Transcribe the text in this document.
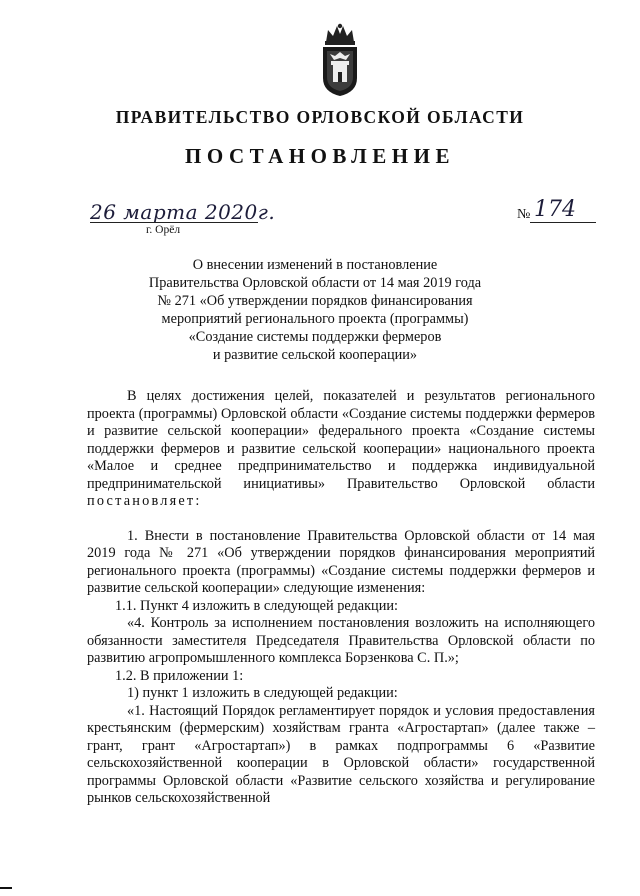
ПРАВИТЕЛЬСТВО ОРЛОВСКОЙ ОБЛАСТИ
ПОСТАНОВЛЕНИЕ
26 марта 2020г.
г. Орёл
№ 174
О внесении изменений в постановление
Правительства Орловской области от 14 мая 2019 года
№ 271 «Об утверждении порядков финансирования
мероприятий регионального проекта (программы)
«Создание системы поддержки фермеров
и развитие сельской кооперации»

В целях достижения целей, показателей и результатов регионального проекта (программы) Орловской области «Создание системы поддержки фермеров и развитие сельской кооперации» федерального проекта «Создание системы поддержки фермеров и развитие сельской кооперации» национального проекта «Малое и среднее предпринимательство и поддержка индивидуальной предпринимательской инициативы» Правительство Орловской области постановляет:

1. Внести в постановление Правительства Орловской области от 14 мая 2019 года № 271 «Об утверждении порядков финансирования мероприятий регионального проекта (программы) «Создание системы поддержки фермеров и развитие сельской кооперации» следующие изменения:

1.1. Пункт 4 изложить в следующей редакции:

«4. Контроль за исполнением постановления возложить на исполняющего обязанности заместителя Председателя Правительства Орловской области по развитию агропромышленного комплекса Борзенкова С. П.»;

1.2. В приложении 1:

1) пункт 1 изложить в следующей редакции:

«1. Настоящий Порядок регламентирует порядок и условия предоставления крестьянским (фермерским) хозяйствам гранта «Агростартап» (далее также – грант, грант «Агростартап») в рамках подпрограммы 6 «Развитие сельскохозяйственной кооперации в Орловской области» государственной программы Орловской области «Развитие сельского хозяйства и регулирование рынков сельскохозяйственной
